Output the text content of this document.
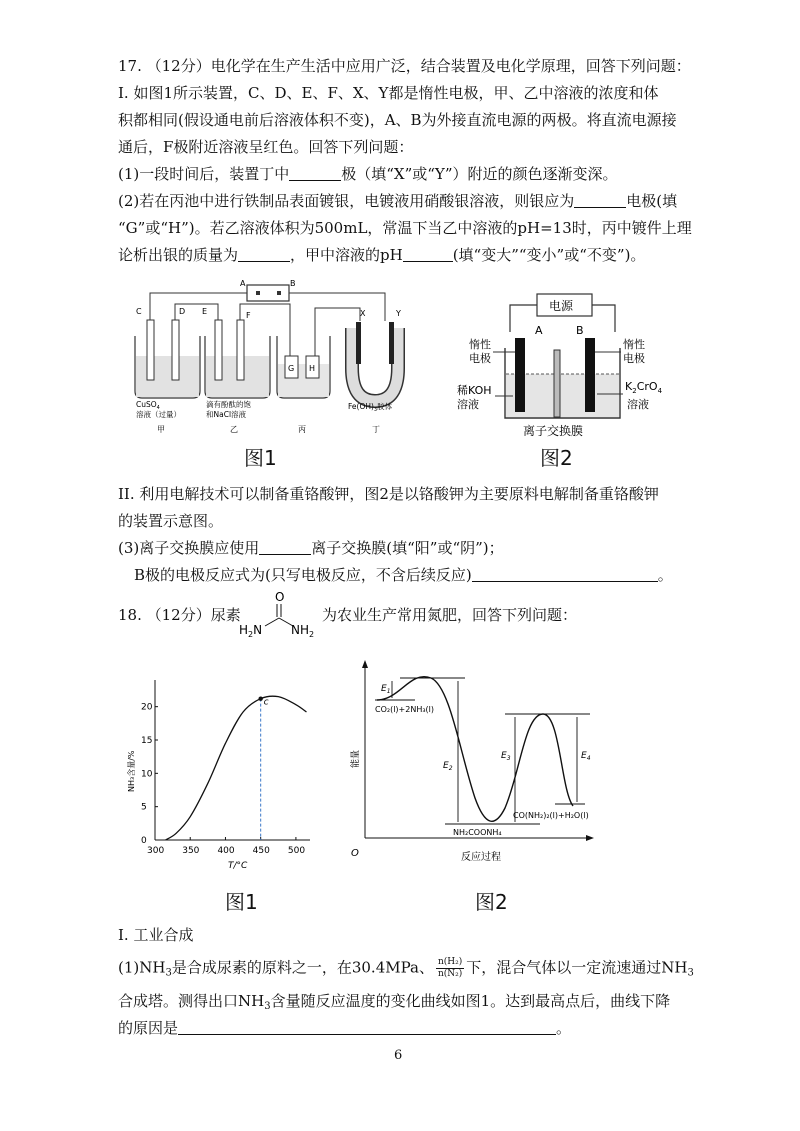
17. （12分）电化学在生产生活中应用广泛，结合装置及电化学原理，回答下列问题：
I. 如图1所示装置，C、D、E、F、X、Y都是惰性电极，甲、乙中溶液的浓度和体
积都相同(假设通电前后溶液体积不变)，A、B为外接直流电源的两极。将直流电源接
通后，F极附近溶液呈红色。回答下列问题：
(1)一段时间后，装置丁中	极（填“X”或“Y”）附近的颜色逐渐变深。
(2)若在丙池中进行铁制品表面镀银，电镀液用硝酸银溶液，则银应为	电极(填
“G”或“H”)。若乙溶液体积为500mL，常温下当乙中溶液的pH=13时，丙中镀件上理
论析出银的质量为	，甲中溶液的pH	(填“变大”“变小”或“不变”)。
A	B
C	D E	F
G H
X	Y
CuSO$_4$
溶液（过量）
滴有酚酞的饱
和NaCl溶液
$Fe(OH)_3$胶体
甲	乙	丙	丁
图1
电源
A	B
惰性
电极
惰性
电极
稀KOH
溶液
$K_2CrO_4$
溶液
离子交换膜
图2
II. 利用电解技术可以制备重铬酸钾，图2是以铬酸钾为主要原料电解制备重铬酸钾
的装置示意图。
(3)离子交换膜应使用	离子交换膜(填“阳”或“阴”)；
B极的电极反应式为(只写电极反应，不含后续反应)	。
18. （12分）尿素
O
$H_2N$ $NH_2$
为农业生产常用氮肥，回答下列问题：
NH₃含量/%
T/°C
300 350 400 450 500
0
5
10
15
20	c
图1
O
能量
反应过程
$E_1$
$E_2$
$E_3$	$E_4$
CO₂(l)+2NH₃(l)
NH₂COONH₄
CO(NH₂)₂(l)+H₂O(l)
图2
I. 工业合成
$(1)NH_3$是合成尿素的原料之一，在30.4MPa、 $\frac{\text{n(H₂)}}{\text{n(N₂)}}$ 下，混合气体以一定流速通过$NH_3$
合成塔。测得出口$NH_3$含量随反应温度的变化曲线如图1。达到最高点后，曲线下降
的原因是	。
6
